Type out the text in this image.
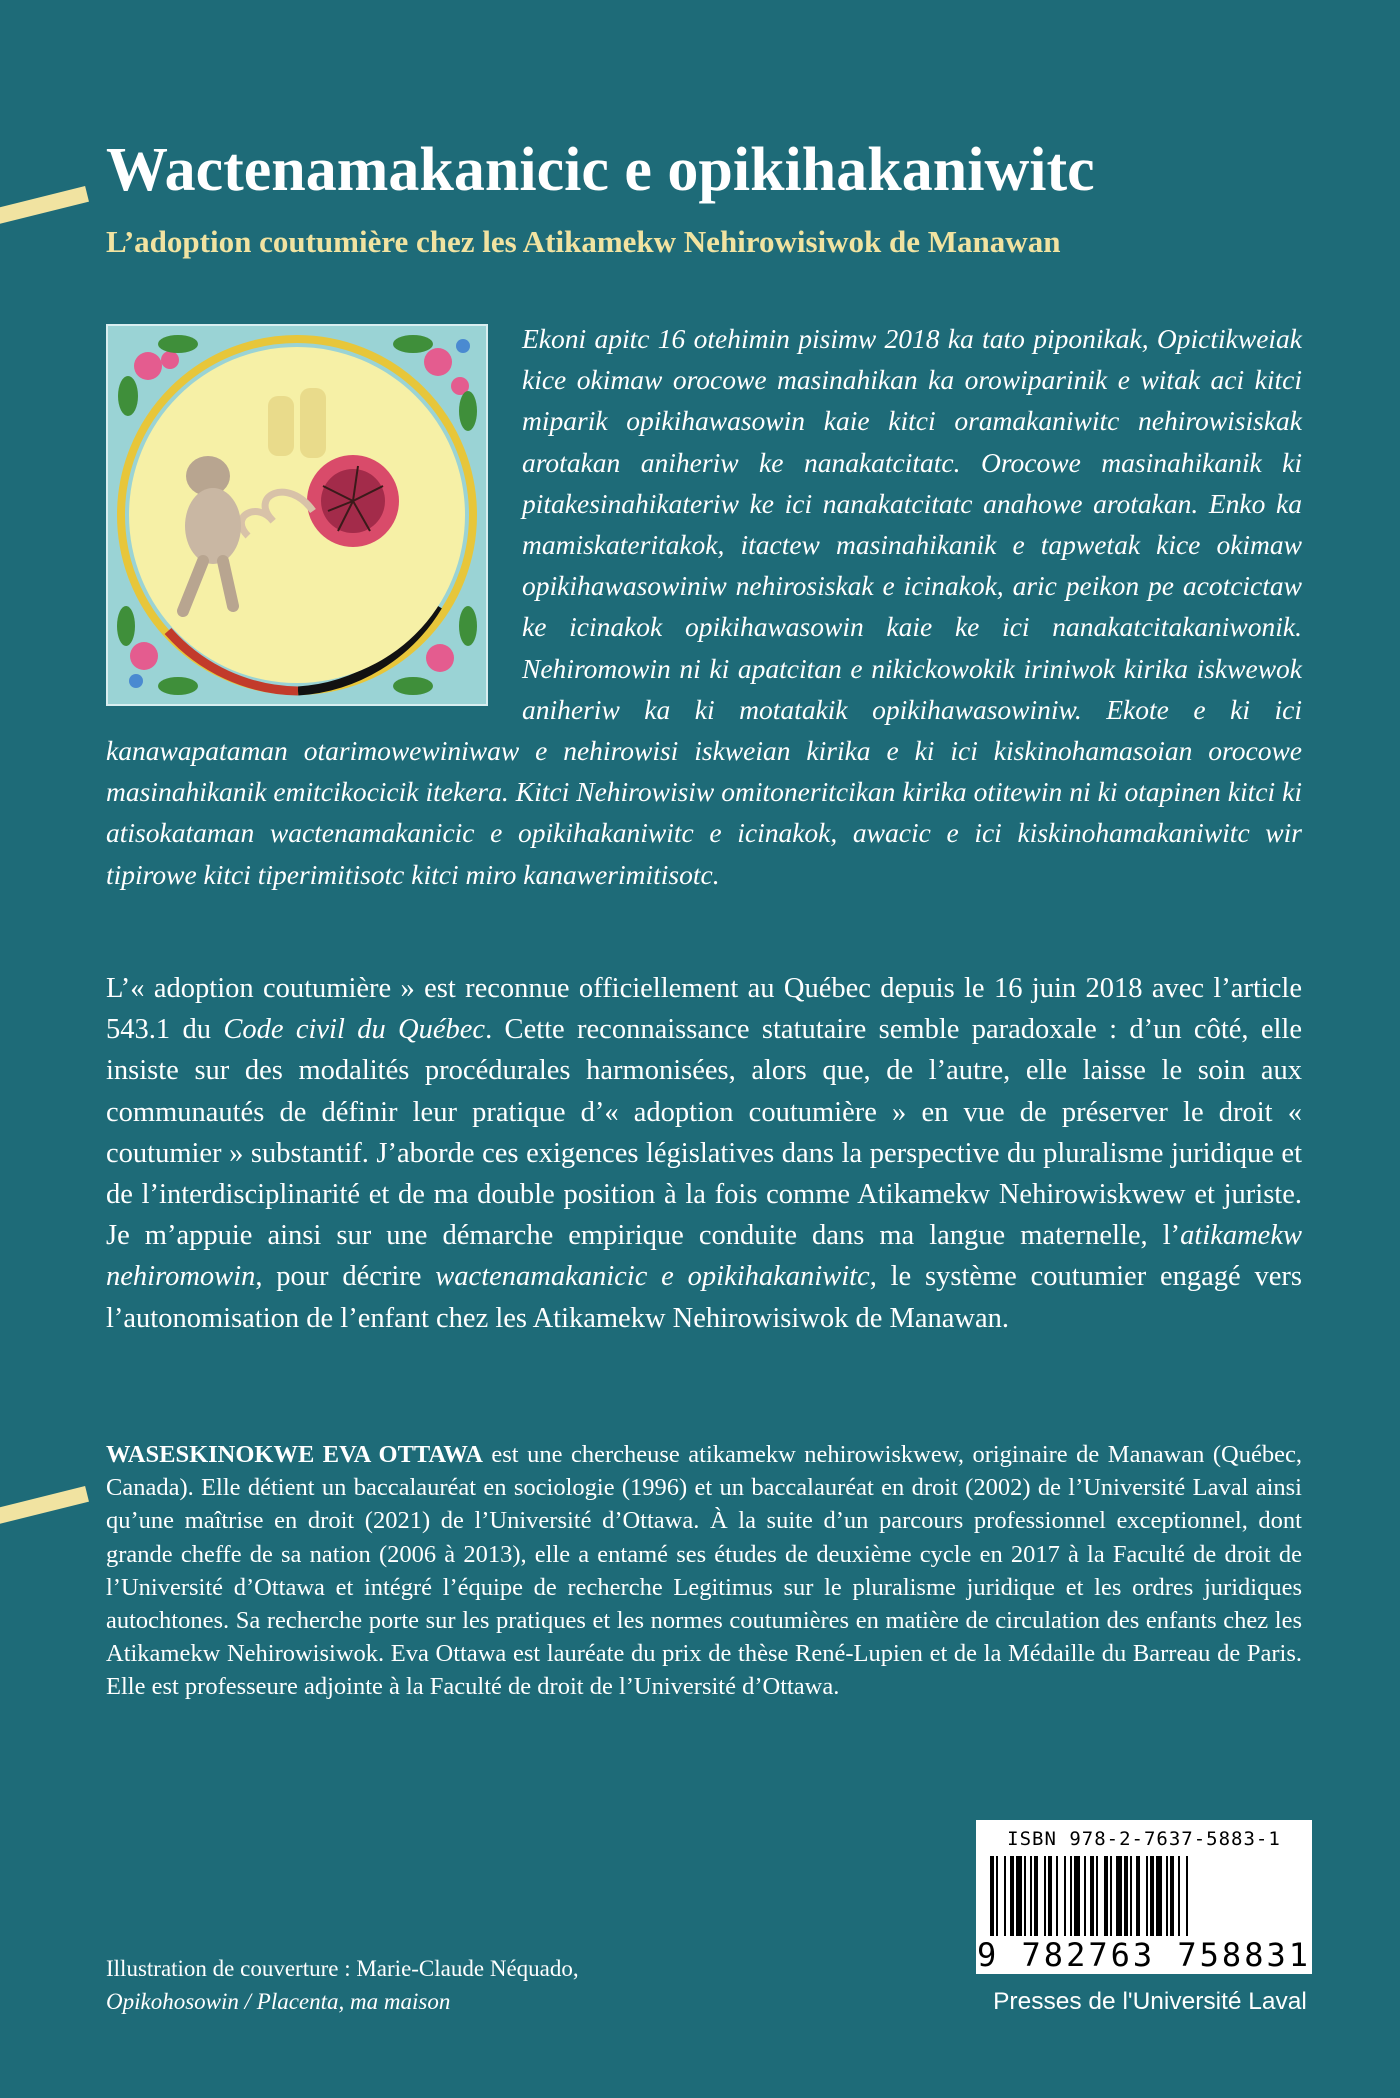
Wactenamakanicic e opikihakaniwitc
L’adoption coutumière chez les Atikamekw Nehirowisiwok de Manawan
Ekoni apitc 16 otehimin pisimw 2018 ka tato piponikak, Opictikweiak kice okimaw orocowe masinahikan ka orowiparinik e witak aci kitci miparik opikihawasowin kaie kitci oramakaniwitc nehirowisiskak arotakan aniheriw ke nanakatcitatc. Orocowe masinahikanik ki pitakesinahikateriw ke ici nanakatcitatc anahowe arotakan. Enko ka mamiskateritakok, itactew masinahikanik e tapwetak kice okimaw opikihawasowiniw nehirosiskak e icinakok, aric peikon pe acotcictaw ke icinakok opikihawasowin kaie ke ici nanakatcitakaniwonik. Nehiromowin ni ki apatcitan e nikickowokik iriniwok kirika iskwewok aniheriw ka ki motatakik opikihawasowiniw. Ekote e ki ici kanawapataman otarimowewiniwaw e nehirowisi iskweian kirika e ki ici kiskinohamasoian orocowe masinahikanik emitcikocicik itekera. Kitci Nehirowisiw omitoneritcikan kirika otitewin ni ki otapinen kitci ki atisokataman wactenamakanicic e opikihakaniwitc e icinakok, awacic e ici kiskinohamakaniwitc wir tipirowe kitci tiperimitisotc kitci miro kanawerimitisotc.

L’« adoption coutumière » est reconnue officiellement au Québec depuis le 16 juin 2018 avec l’article 543.1 du Code civil du Québec. Cette reconnaissance statutaire semble paradoxale : d’un côté, elle insiste sur des modalités procédurales harmonisées, alors que, de l’autre, elle laisse le soin aux communautés de définir leur pratique d’« adoption coutumière » en vue de préserver le droit « coutumier » substantif. J’aborde ces exigences législatives dans la perspective du pluralisme juridique et de l’interdisciplinarité et de ma double position à la fois comme Atikamekw Nehirowiskwew et juriste. Je m’appuie ainsi sur une démarche empirique conduite dans ma langue maternelle, l’atikamekw nehiromowin, pour décrire wactenamakanicic e opikihakaniwitc, le système coutumier engagé vers l’autonomisation de l’enfant chez les Atikamekw Nehirowisiwok de Manawan.

WASESKINOKWE EVA OTTAWA est une chercheuse atikamekw nehirowiskwew, originaire de Manawan (Québec, Canada). Elle détient un baccalauréat en sociologie (1996) et un baccalauréat en droit (2002) de l’Université Laval ainsi qu’une maîtrise en droit (2021) de l’Université d’Ottawa. À la suite d’un parcours professionnel exceptionnel, dont grande cheffe de sa nation (2006 à 2013), elle a entamé ses études de deuxième cycle en 2017 à la Faculté de droit de l’Université d’Ottawa et intégré l’équipe de recherche Legitimus sur le pluralisme juridique et les ordres juridiques autochtones. Sa recherche porte sur les pratiques et les normes coutumières en matière de circulation des enfants chez les Atikamekw Nehirowisiwok. Eva Ottawa est lauréate du prix de thèse René-Lupien et de la Médaille du Barreau de Paris. Elle est professeure adjointe à la Faculté de droit de l’Université d’Ottawa.

ISBN 978-2-7637-5883-1
9 782763 758831
Presses de l'Université Laval
Illustration de couverture : Marie-Claude Néquado,
Opikohosowin / Placenta, ma maison
